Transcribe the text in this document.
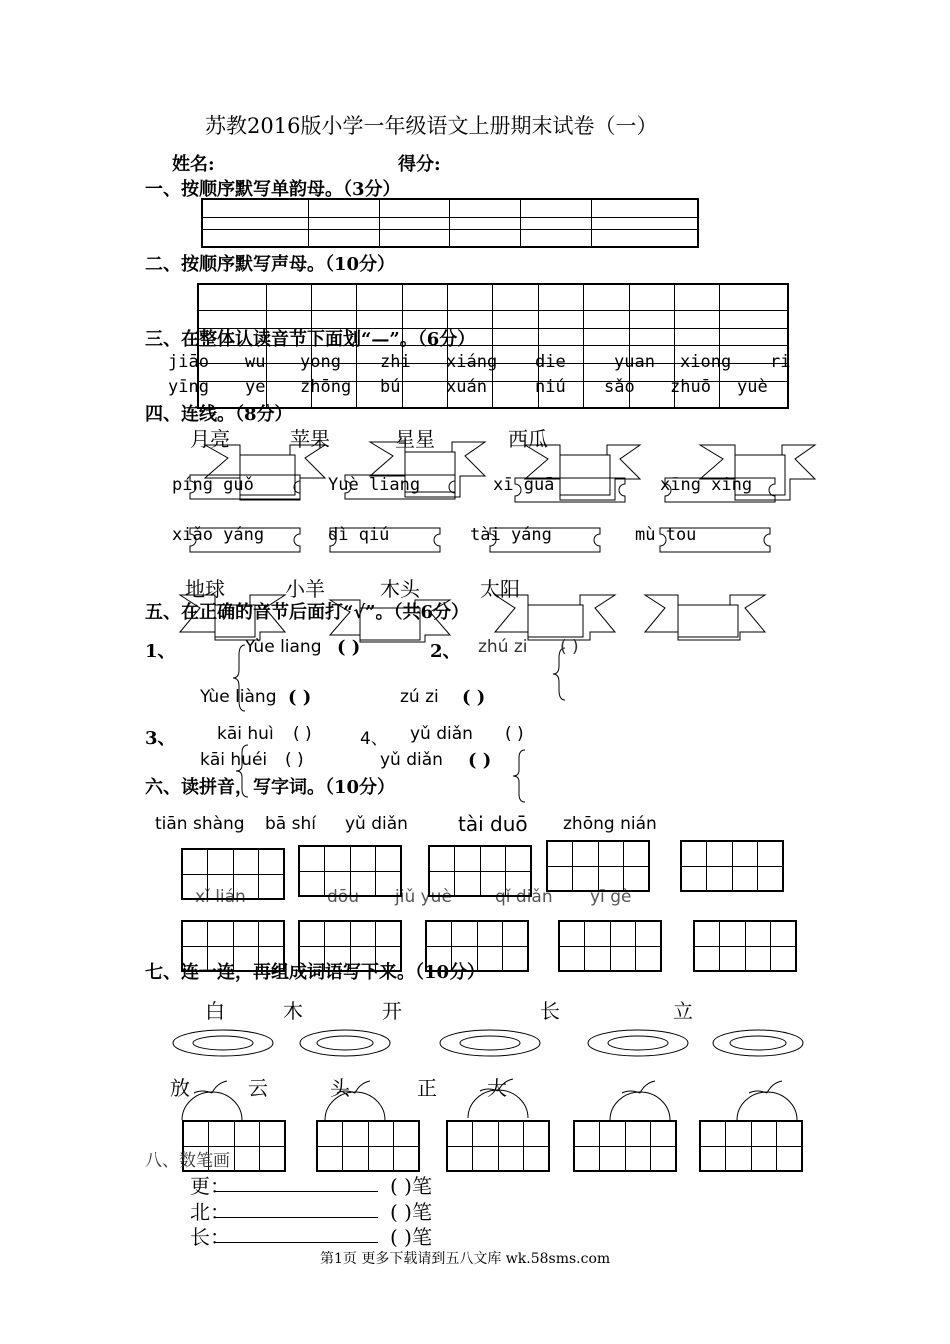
苏教2016版小学一年级语文上册期末试卷（一）
姓名:	得分:
一、按顺序默写单韵母。（3分）

二、按顺序默写声母。（10分）

三、在整体认读音节下面划“—”。（6分）
jiāo wu yong zhi xiáng die	yuan xiong ri
yīng ye zhōng bú	xuán	niú sǎo zhuō yuè
四、连线。（8分）
月亮	苹果	星星	西瓜
píng guǒ	Yuè liang	xī guā	xīng xing
xiǎo yáng	dì qiú	tài yáng	mù tou
地球	小羊	木头	太阳
五、在正确的音节后面打“√”。（共6分）
1、	Yùe liang ( )
Yùe liàng ( )
2、 zhú zi ( )
zú zi ( )
3、 kāi huì ( )
kāi huéi ( )
4、 yǔ diǎn ( )
yǔ diǎn ( )
六、读拼音，写字词。（10分）
tiān shàng bā shí yǔ diǎn	tài duō zhōng nián
xǐ lián	dōu jiǔ yuè	qǐ diǎn yī gè
七、连一连，再组成词语写下来。（10分）
白	木	开	长	立
放	云	头	正	大
八、数笔画
更：	( )笔
北：	( )笔
长：	( )笔
第1页 更多下载请到五八文库 wk.58sms.com
